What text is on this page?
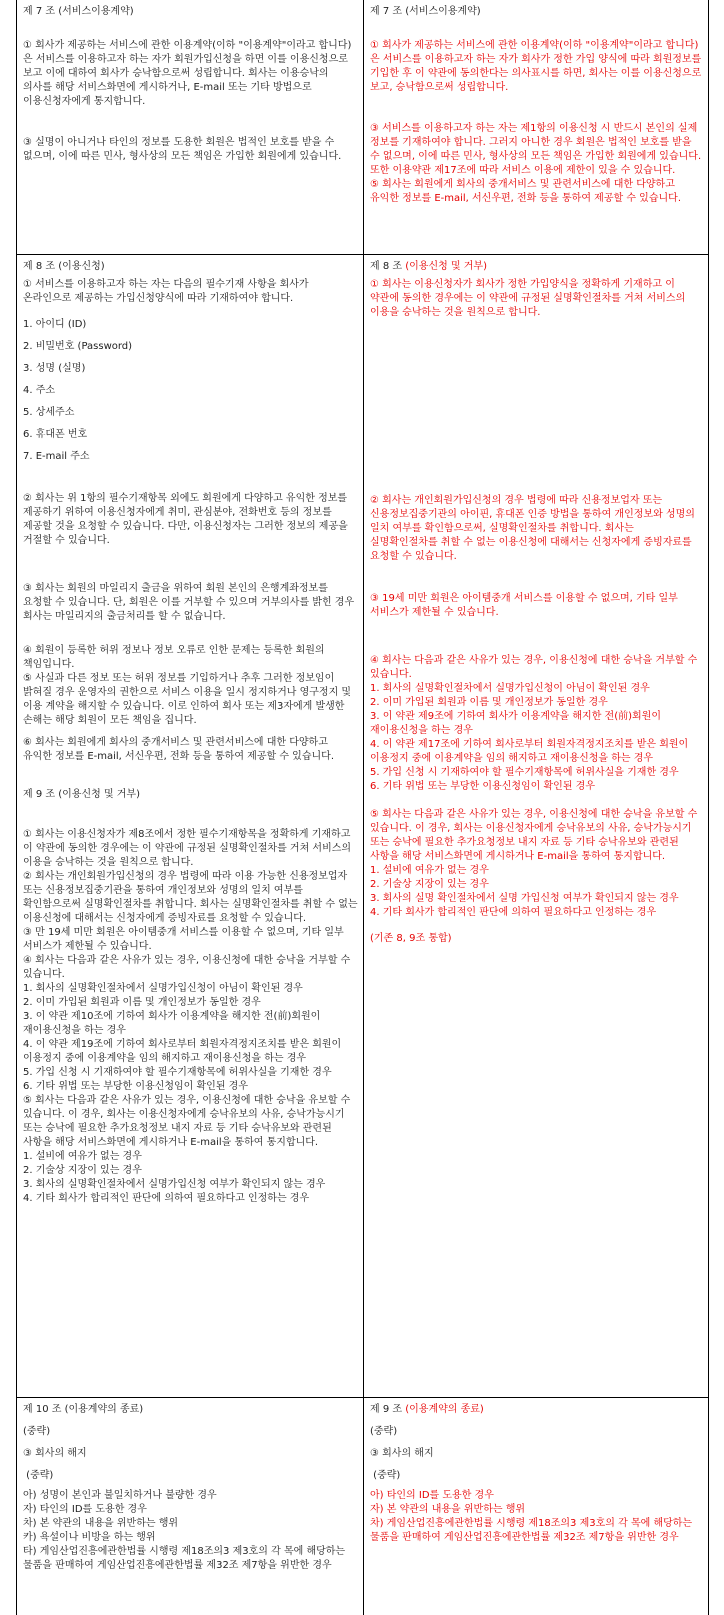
제 7 조 (서비스이용계약)

① 회사가 제공하는 서비스에 관한 이용계약(이하 "이용계약"이라고 합니다)은 서비스를 이용하고자 하는 자가 회원가입신청을 하면 이를 이용신청으로 보고 이에 대하여 회사가 승낙함으로써 성립합니다. 회사는 이용승낙의 의사를 해당 서비스화면에 게시하거나, E-mail 또는 기타 방법으로 이용신청자에게 통지합니다.

③ 실명이 아니거나 타인의 정보를 도용한 회원은 법적인 보호를 받을 수 없으며, 이에 따른 민사, 형사상의 모든 책임은 가입한 회원에게 있습니다.

제 7 조 (서비스이용계약)

① 회사가 제공하는 서비스에 관한 이용계약(이하 "이용계약"이라고 합니다)은 서비스를 이용하고자 하는 자가 회사가 정한 가입 양식에 따라 회원정보를 기입한 후 이 약관에 동의한다는 의사표시를 하면, 회사는 이를 이용신청으로 보고, 승낙함으로써 성립합니다.

③ 서비스를 이용하고자 하는 자는 제1항의 이용신청 시 반드시 본인의 실제 정보를 기재하여야 합니다. 그러지 아니한 경우 회원은 법적인 보호를 받을 수 없으며, 이에 따른 민사, 형사상의 모든 책임은 가입한 회원에게 있습니다. 또한 이용약관 제17조에 따라 서비스 이용에 제한이 있을 수 있습니다.

⑤ 회사는 회원에게 회사의 중개서비스 및 관련서비스에 대한 다양하고 유익한 정보를 E-mail, 서신우편, 전화 등을 통하여 제공할 수 있습니다.

제 8 조 (이용신청)

① 서비스를 이용하고자 하는 자는 다음의 필수기재 사항을 회사가 온라인으로 제공하는 가입신청양식에 따라 기재하여야 합니다.

1. 아이디 (ID)

2. 비밀번호 (Password)

3. 성명 (실명)

4. 주소

5. 상세주소

6. 휴대폰 번호

7. E-mail 주소

② 회사는 위 1항의 필수기재항목 외에도 회원에게 다양하고 유익한 정보를 제공하기 위하여 이용신청자에게 취미, 관심분야, 전화번호 등의 정보를 제공할 것을 요청할 수 있습니다. 다만, 이용신청자는 그러한 정보의 제공을 거절할 수 있습니다.

③ 회사는 회원의 마일리지 출금을 위하여 회원 본인의 은행계좌정보를 요청할 수 있습니다. 단, 회원은 이를 거부할 수 있으며 거부의사를 밝힌 경우 회사는 마일리지의 출금처리를 할 수 없습니다.

④ 회원이 등록한 허위 정보나 정보 오류로 인한 문제는 등록한 회원의 책임입니다.

⑤ 사실과 다른 정보 또는 허위 정보를 기입하거나 추후 그러한 정보임이 밝혀질 경우 운영자의 권한으로 서비스 이용을 일시 정지하거나 영구정지 및 이용 계약을 해지할 수 있습니다. 이로 인하여 회사 또는 제3자에게 발생한 손해는 해당 회원이 모든 책임을 집니다.

⑥ 회사는 회원에게 회사의 중개서비스 및 관련서비스에 대한 다양하고 유익한 정보를 E-mail, 서신우편, 전화 등을 통하여 제공할 수 있습니다.

제 9 조 (이용신청 및 거부)

① 회사는 이용신청자가 제8조에서 정한 필수기재항목을 정확하게 기재하고 이 약관에 동의한 경우에는 이 약관에 규정된 실명확인절차를 거쳐 서비스의 이용을 승낙하는 것을 원칙으로 합니다.

② 회사는 개인회원가입신청의 경우 법령에 따라 이용 가능한 신용정보업자 또는 신용정보집중기관을 통하여 개인정보와 성명의 일치 여부를 확인함으로써 실명확인절차를 취합니다. 회사는 실명확인절차를 취할 수 없는 이용신청에 대해서는 신청자에게 증빙자료를 요청할 수 있습니다.

③ 만 19세 미만 회원은 아이템중개 서비스를 이용할 수 없으며, 기타 일부 서비스가 제한될 수 있습니다.

④ 회사는 다음과 같은 사유가 있는 경우, 이용신청에 대한 승낙을 거부할 수 있습니다.

1. 회사의 실명확인절차에서 실명가입신청이 아님이 확인된 경우

2. 이미 가입된 회원과 이름 및 개인정보가 동일한 경우

3. 이 약관 제10조에 기하여 회사가 이용계약을 해지한 전(前)회원이 재이용신청을 하는 경우

4. 이 약관 제19조에 기하여 회사로부터 회원자격정지조치를 받은 회원이 이용정지 중에 이용계약을 임의 해지하고 재이용신청을 하는 경우

5. 가입 신청 시 기재하여야 할 필수기재항목에 허위사실을 기재한 경우

6. 기타 위법 또는 부당한 이용신청임이 확인된 경우

⑤ 회사는 다음과 같은 사유가 있는 경우, 이용신청에 대한 승낙을 유보할 수 있습니다. 이 경우, 회사는 이용신청자에게 승낙유보의 사유, 승낙가능시기 또는 승낙에 필요한 추가요청정보 내지 자료 등 기타 승낙유보와 관련된 사항을 해당 서비스화면에 게시하거나 E-mail을 통하여 통지합니다.

1. 설비에 여유가 없는 경우

2. 기술상 지장이 있는 경우

3. 회사의 실명확인절차에서 실명가입신청 여부가 확인되지 않는 경우

4. 기타 회사가 합리적인 판단에 의하여 필요하다고 인정하는 경우

제 8 조 (이용신청 및 거부)

① 회사는 이용신청자가 회사가 정한 가입양식을 정확하게 기재하고 이 약관에 동의한 경우에는 이 약관에 규정된 실명확인절차를 거쳐 서비스의 이용을 승낙하는 것을 원칙으로 합니다.

② 회사는 개인회원가입신청의 경우 법령에 따라 신용정보업자 또는 신용정보집중기관의 아이핀, 휴대폰 인증 방법을 통하여 개인정보와 성명의 일치 여부를 확인함으로써, 실명확인절차를 취합니다. 회사는 실명확인절차를 취할 수 없는 이용신청에 대해서는 신청자에게 증빙자료를 요청할 수 있습니다.

③ 19세 미만 회원은 아이템중개 서비스를 이용할 수 없으며, 기타 일부 서비스가 제한될 수 있습니다.

④ 회사는 다음과 같은 사유가 있는 경우, 이용신청에 대한 승낙을 거부할 수 있습니다.

1. 회사의 실명확인절차에서 실명가입신청이 아님이 확인된 경우

2. 이미 가입된 회원과 이름 및 개인정보가 동일한 경우

3. 이 약관 제9조에 기하여 회사가 이용계약을 해지한 전(前)회원이 재이용신청을 하는 경우

4. 이 약관 제17조에 기하여 회사로부터 회원자격정지조치를 받은 회원이 이용정지 중에 이용계약을 임의 해지하고 재이용신청을 하는 경우

5. 가입 신청 시 기재하여야 할 필수기재항목에 허위사실을 기재한 경우

6. 기타 위법 또는 부당한 이용신청임이 확인된 경우

⑤ 회사는 다음과 같은 사유가 있는 경우, 이용신청에 대한 승낙을 유보할 수 있습니다. 이 경우, 회사는 이용신청자에게 승낙유보의 사유, 승낙가능시기 또는 승낙에 필요한 추가요청정보 내지 자료 등 기타 승낙유보와 관련된 사항을 해당 서비스화면에 게시하거나 E-mail을 통하여 통지합니다.

1. 설비에 여유가 없는 경우

2. 기술상 지장이 있는 경우

3. 회사의 실명 확인절차에서 실명 가입신청 여부가 확인되지 않는 경우

4. 기타 회사가 합리적인 판단에 의하여 필요하다고 인정하는 경우

(기존 8, 9조 통합)

제 10 조 (이용계약의 종료)

(중략)

③ 회사의 해지

(중략)

아) 성명이 본인과 불일치하거나 불량한 경우

자) 타인의 ID를 도용한 경우

차) 본 약관의 내용을 위반하는 행위

카) 욕설이나 비방을 하는 행위

타) 게임산업진흥에관한법률 시행령 제18조의3 제3호의 각 목에 해당하는 물품을 판매하여 게임산업진흥에관한법률 제32조 제7항을 위반한 경우

제 9 조 (이용계약의 종료)

(중략)

③ 회사의 해지

(중략)

아) 타인의 ID를 도용한 경우

자) 본 약관의 내용을 위반하는 행위

차) 게임산업진흥에관한법률 시행령 제18조의3 제3호의 각 목에 해당하는 물품을 판매하여 게임산업진흥에관한법률 제32조 제7항을 위반한 경우
